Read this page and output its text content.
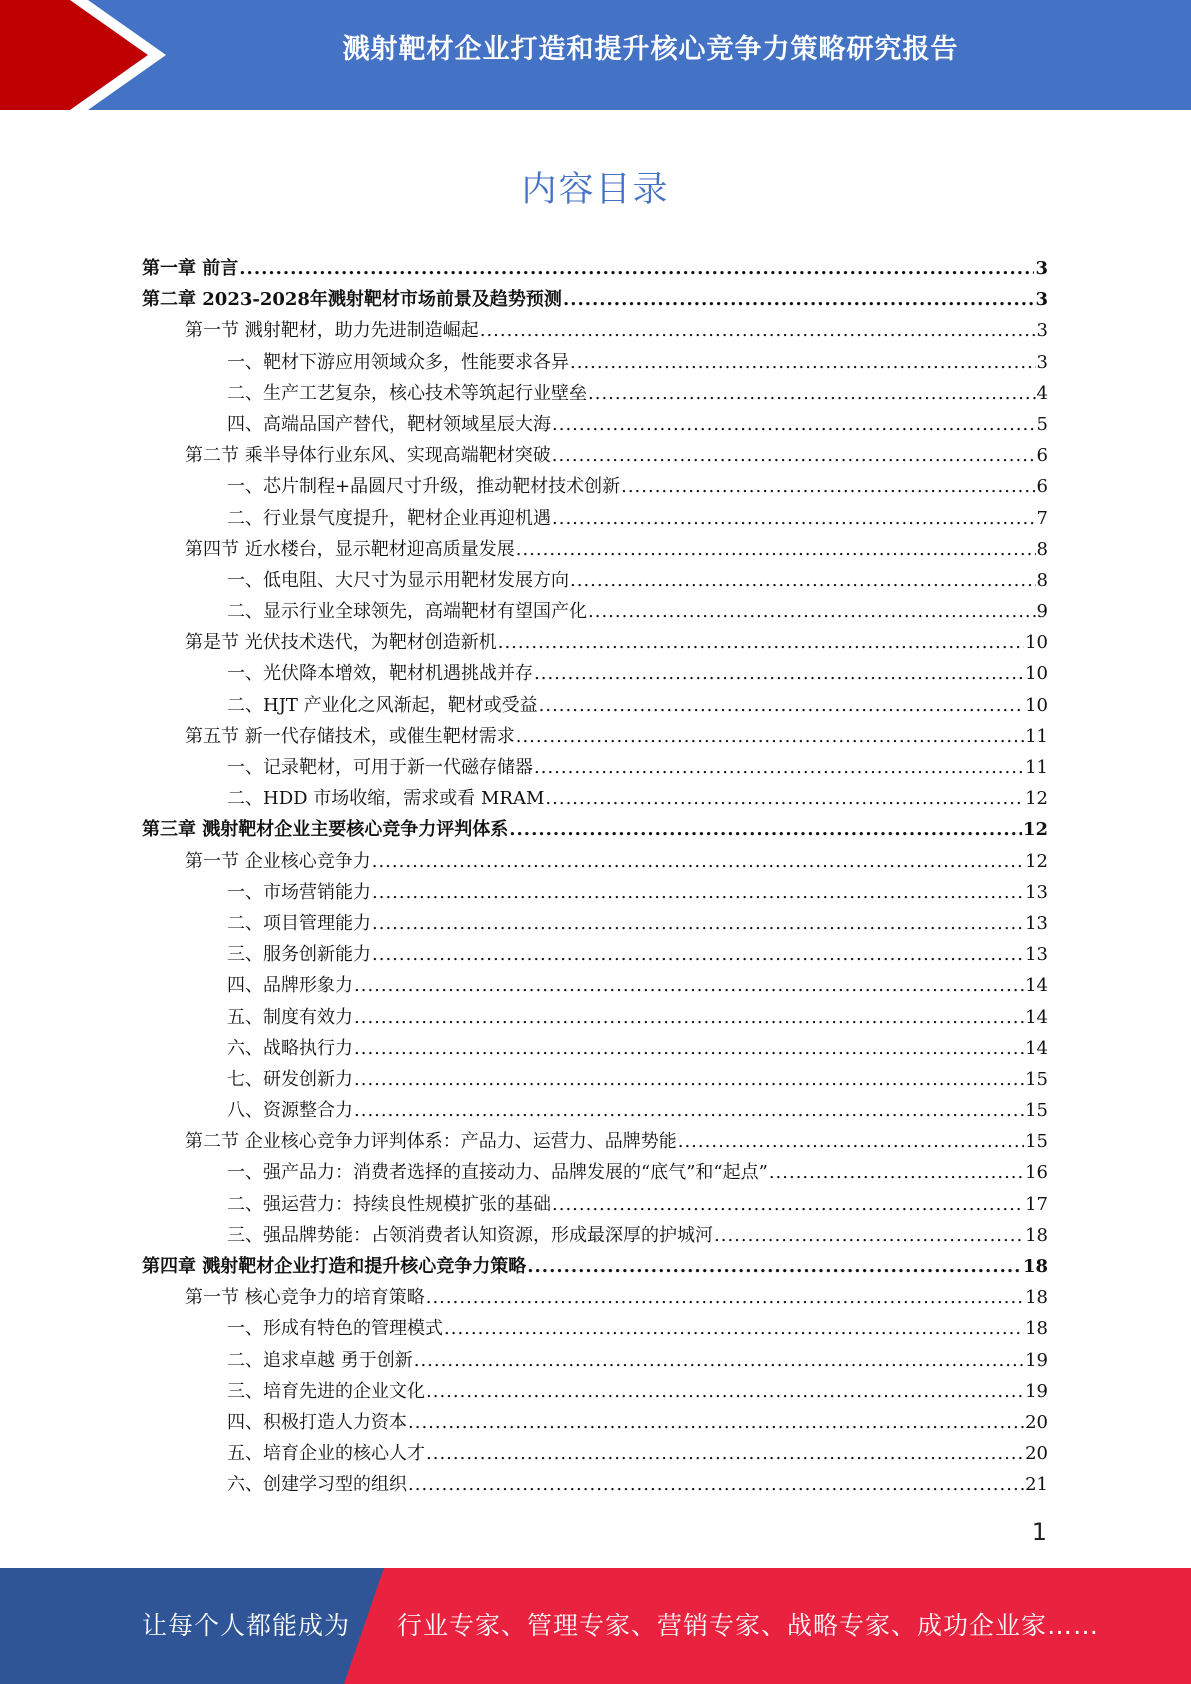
溅射靶材企业打造和提升核心竞争力策略研究报告
内容目录
第一章 前言 .....	3
第二章 2023-2028年溅射靶材市场前景及趋势预测 .....	3
第一节 溅射靶材，助力先进制造崛起 .....	3
一、靶材下游应用领域众多，性能要求各异 .....	3
二、生产工艺复杂，核心技术等筑起行业壁垒 .....	4
四、高端品国产替代，靶材领域星辰大海 .....	5
第二节 乘半导体行业东风、实现高端靶材突破 .....	6
一、芯片制程+晶圆尺寸升级，推动靶材技术创新 .....	6
二、行业景气度提升，靶材企业再迎机遇 .....	7
第四节 近水楼台，显示靶材迎高质量发展 .....	8
一、低电阻、大尺寸为显示用靶材发展方向 .....	8
二、显示行业全球领先，高端靶材有望国产化 .....	9
第是节 光伏技术迭代，为靶材创造新机 .....	10
一、光伏降本增效，靶材机遇挑战并存 .....	10
二、HJT 产业化之风渐起，靶材或受益 .....	10
第五节 新一代存储技术，或催生靶材需求 .....	11
一、记录靶材，可用于新一代磁存储器 .....	11
二、HDD 市场收缩，需求或看 MRAM .....	12
第三章 溅射靶材企业主要核心竞争力评判体系 .....	12
第一节 企业核心竞争力 .....	12
一、市场营销能力 .....	13
二、项目管理能力 .....	13
三、服务创新能力 .....	13
四、品牌形象力 .....	14
五、制度有效力 .....	14
六、战略执行力 .....	14
七、研发创新力 .....	15
八、资源整合力 .....	15
第二节 企业核心竞争力评判体系：产品力、运营力、品牌势能 .....	15
一、强产品力：消费者选择的直接动力、品牌发展的“底气”和“起点” .....	16
二、强运营力：持续良性规模扩张的基础 .....	17
三、强品牌势能：占领消费者认知资源，形成最深厚的护城河 .....	18
第四章 溅射靶材企业打造和提升核心竞争力策略 .....	18
第一节 核心竞争力的培育策略 .....	18
一、形成有特色的管理模式 .....	18
二、追求卓越 勇于创新 .....	19
三、培育先进的企业文化 .....	19
四、积极打造人力资本 .....	20
五、培育企业的核心人才 .....	20
六、创建学习型的组织 .....	21
1
让每个人都能成为 行业专家、管理专家、营销专家、战略专家、成功企业家……
